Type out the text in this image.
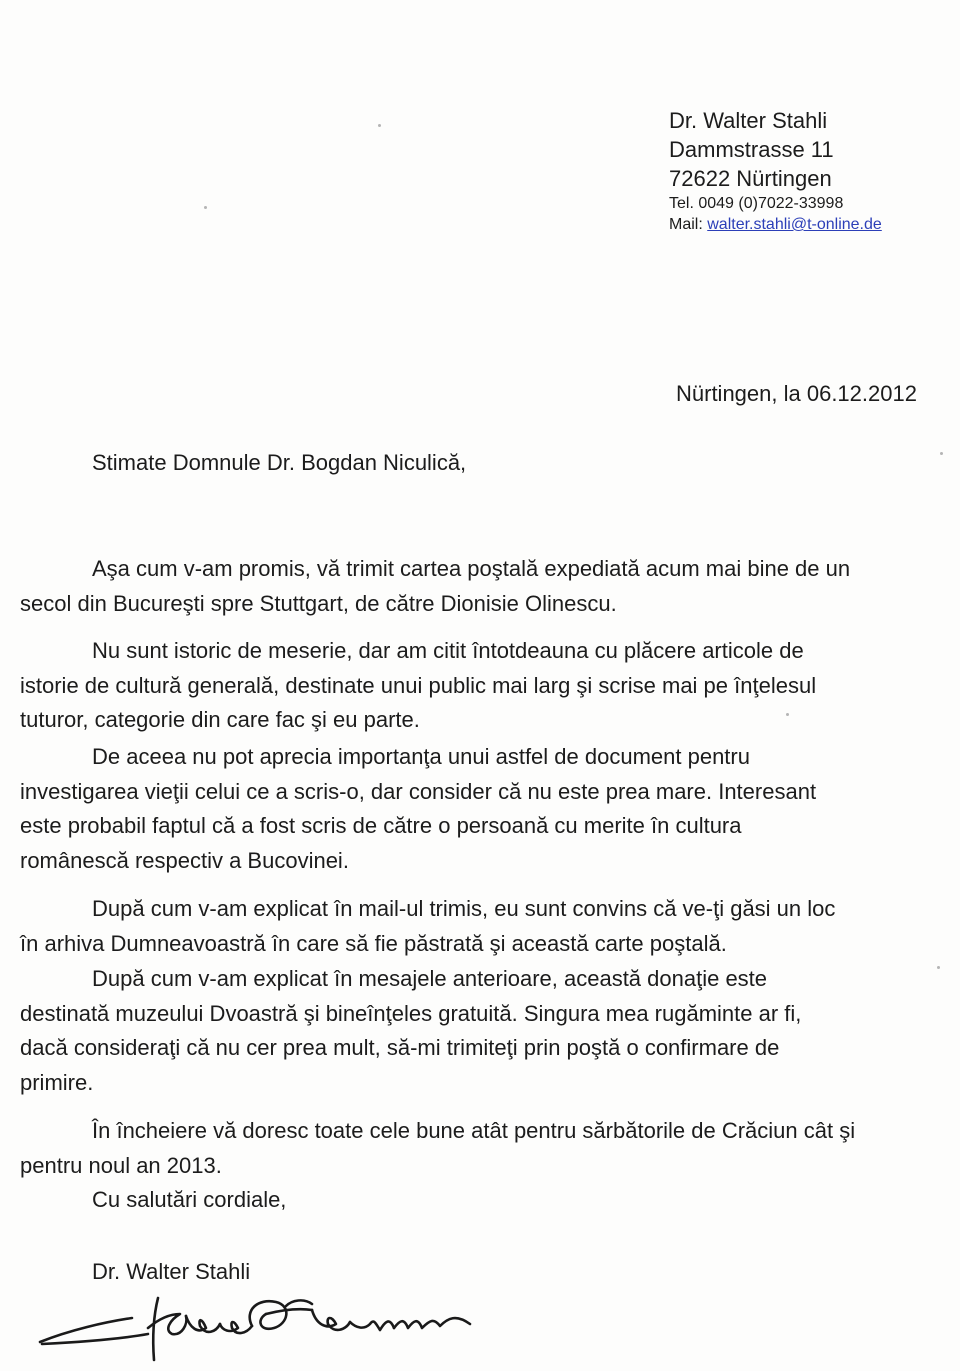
Dr. Walter Stahli
Dammstrasse 11
72622 Nürtingen
Tel. 0049 (0)7022-33998
Mail: walter.stahli@t-online.de
Nürtingen, la 06.12.2012
Stimate Domnule Dr. Bogdan Niculică,
Aşa cum v-am promis, vă trimit cartea poştală expediată acum mai bine de un
secol din Bucureşti spre Stuttgart, de către Dionisie Olinescu.
Nu sunt istoric de meserie, dar am citit întotdeauna cu plăcere articole de
istorie de cultură generală, destinate unui public mai larg şi scrise mai pe înţelesul
tuturor, categorie din care fac şi eu parte.
De aceea nu pot aprecia importanţa unui astfel de document pentru
investigarea vieţii celui ce a scris-o, dar consider că nu este prea mare. Interesant
este probabil faptul că a fost scris de către o persoană cu merite în cultura
românescă respectiv a Bucovinei.
După cum v-am explicat în mail-ul trimis, eu sunt convins că ve-ţi găsi un loc
în arhiva Dumneavoastră în care să fie păstrată şi această carte poştală.
După cum v-am explicat în mesajele anterioare, această donaţie este
destinată muzeului Dvoastră şi bineînţeles gratuită. Singura mea rugăminte ar fi,
dacă consideraţi că nu cer prea mult, să-mi trimiteţi prin poştă o confirmare de
primire.
În încheiere vă doresc toate cele bune atât pentru sărbătorile de Crăciun cât şi
pentru noul an 2013.
Cu salutări cordiale,
Dr. Walter Stahli
